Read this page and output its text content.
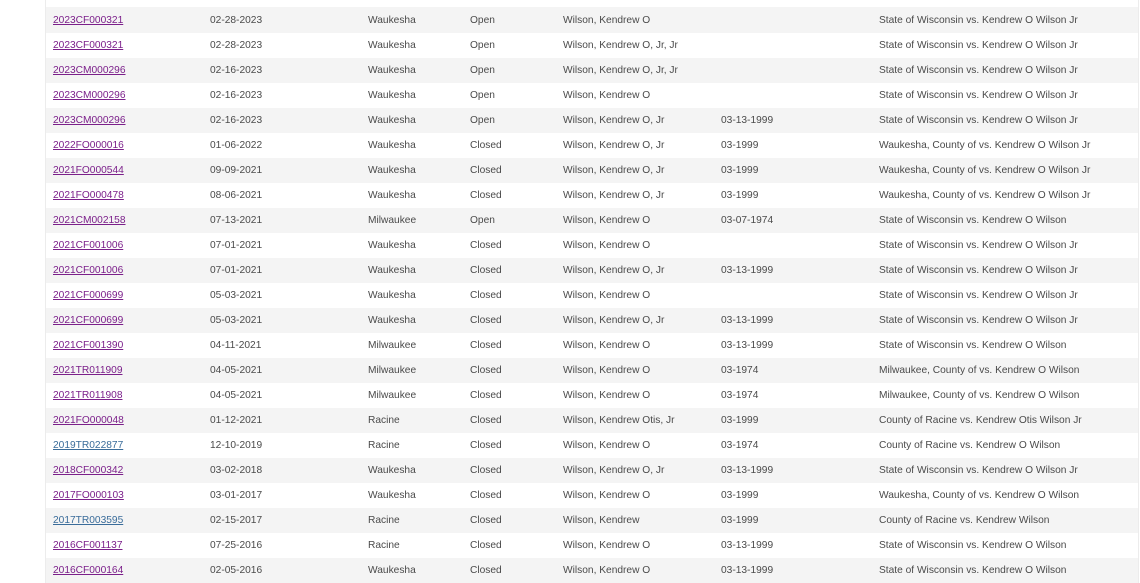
2023CF000321	02-28-2023	Waukesha	Open	Wilson, Kendrew O		State of Wisconsin vs. Kendrew O Wilson Jr
2023CF000321	02-28-2023	Waukesha	Open	Wilson, Kendrew O, Jr, Jr		State of Wisconsin vs. Kendrew O Wilson Jr
2023CM000296	02-16-2023	Waukesha	Open	Wilson, Kendrew O, Jr, Jr		State of Wisconsin vs. Kendrew O Wilson Jr
2023CM000296	02-16-2023	Waukesha	Open	Wilson, Kendrew O		State of Wisconsin vs. Kendrew O Wilson Jr
2023CM000296	02-16-2023	Waukesha	Open	Wilson, Kendrew O, Jr	03-13-1999	State of Wisconsin vs. Kendrew O Wilson Jr
2022FO000016	01-06-2022	Waukesha	Closed	Wilson, Kendrew O, Jr	03-1999	Waukesha, County of vs. Kendrew O Wilson Jr
2021FO000544	09-09-2021	Waukesha	Closed	Wilson, Kendrew O, Jr	03-1999	Waukesha, County of vs. Kendrew O Wilson Jr
2021FO000478	08-06-2021	Waukesha	Closed	Wilson, Kendrew O, Jr	03-1999	Waukesha, County of vs. Kendrew O Wilson Jr
2021CM002158	07-13-2021	Milwaukee	Open	Wilson, Kendrew O	03-07-1974	State of Wisconsin vs. Kendrew O Wilson
2021CF001006	07-01-2021	Waukesha	Closed	Wilson, Kendrew O		State of Wisconsin vs. Kendrew O Wilson Jr
2021CF001006	07-01-2021	Waukesha	Closed	Wilson, Kendrew O, Jr	03-13-1999	State of Wisconsin vs. Kendrew O Wilson Jr
2021CF000699	05-03-2021	Waukesha	Closed	Wilson, Kendrew O		State of Wisconsin vs. Kendrew O Wilson Jr
2021CF000699	05-03-2021	Waukesha	Closed	Wilson, Kendrew O, Jr	03-13-1999	State of Wisconsin vs. Kendrew O Wilson Jr
2021CF001390	04-11-2021	Milwaukee	Closed	Wilson, Kendrew O	03-13-1999	State of Wisconsin vs. Kendrew O Wilson
2021TR011909	04-05-2021	Milwaukee	Closed	Wilson, Kendrew O	03-1974	Milwaukee, County of vs. Kendrew O Wilson
2021TR011908	04-05-2021	Milwaukee	Closed	Wilson, Kendrew O	03-1974	Milwaukee, County of vs. Kendrew O Wilson
2021FO000048	01-12-2021	Racine	Closed	Wilson, Kendrew Otis, Jr	03-1999	County of Racine vs. Kendrew Otis Wilson Jr
2019TR022877	12-10-2019	Racine	Closed	Wilson, Kendrew O	03-1974	County of Racine vs. Kendrew O Wilson
2018CF000342	03-02-2018	Waukesha	Closed	Wilson, Kendrew O, Jr	03-13-1999	State of Wisconsin vs. Kendrew O Wilson Jr
2017FO000103	03-01-2017	Waukesha	Closed	Wilson, Kendrew O	03-1999	Waukesha, County of vs. Kendrew O Wilson
2017TR003595	02-15-2017	Racine	Closed	Wilson, Kendrew	03-1999	County of Racine vs. Kendrew Wilson
2016CF001137	07-25-2016	Racine	Closed	Wilson, Kendrew O	03-13-1999	State of Wisconsin vs. Kendrew O Wilson
2016CF000164	02-05-2016	Waukesha	Closed	Wilson, Kendrew O	03-13-1999	State of Wisconsin vs. Kendrew O Wilson
